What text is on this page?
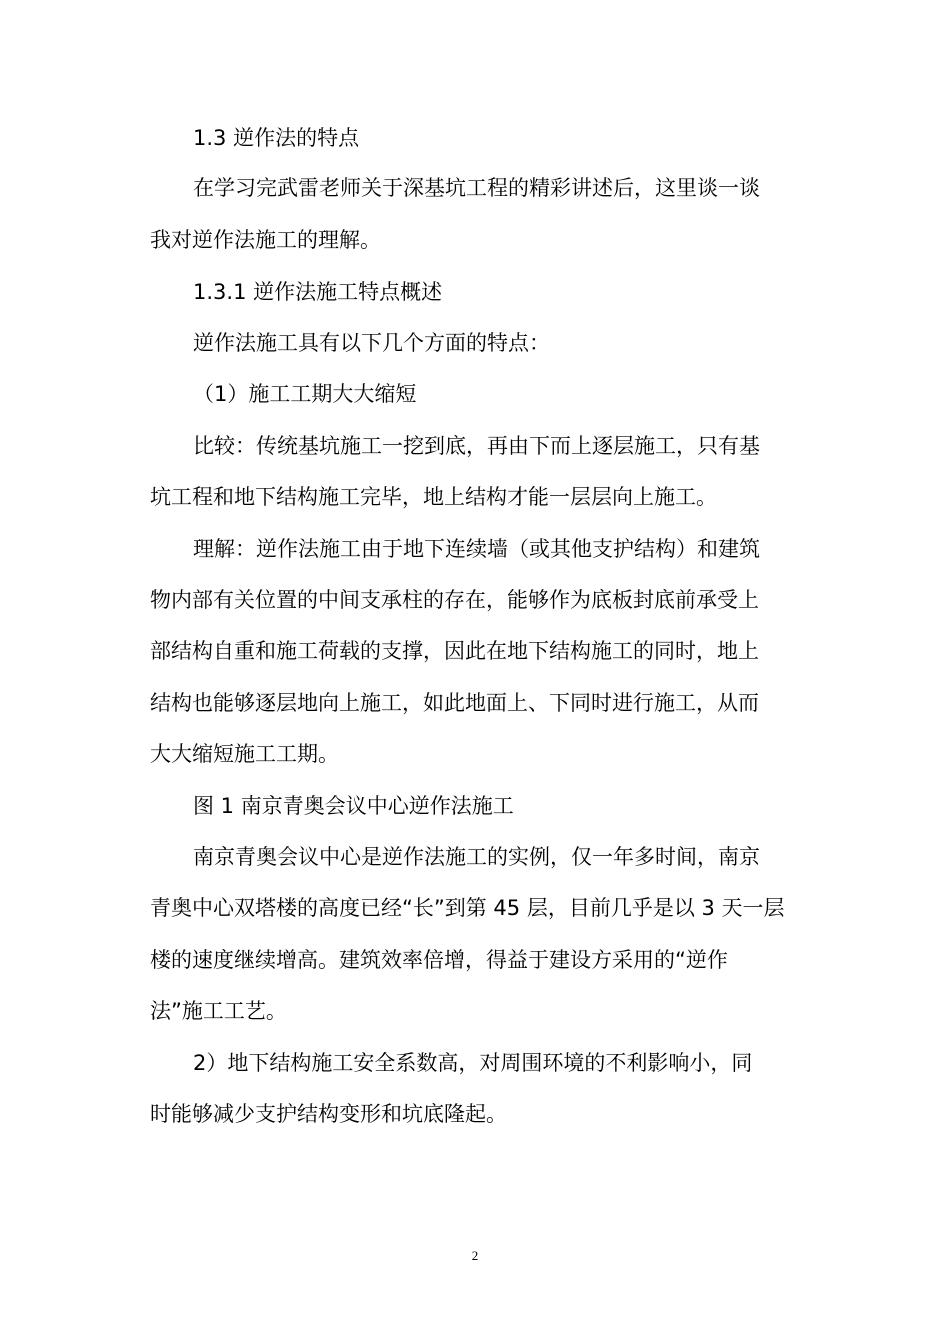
1.3 逆作法的特点
在学习完武雷老师关于深基坑工程的精彩讲述后，这里谈一谈
我对逆作法施工的理解。
1.3.1 逆作法施工特点概述
逆作法施工具有以下几个方面的特点：
（1）施工工期大大缩短
比较：传统基坑施工一挖到底，再由下而上逐层施工，只有基
坑工程和地下结构施工完毕，地上结构才能一层层向上施工。
理解：逆作法施工由于地下连续墙（或其他支护结构）和建筑
物内部有关位置的中间支承柱的存在，能够作为底板封底前承受上
部结构自重和施工荷载的支撑，因此在地下结构施工的同时，地上
结构也能够逐层地向上施工，如此地面上、下同时进行施工，从而
大大缩短施工工期。
图 1 南京青奥会议中心逆作法施工
南京青奥会议中心是逆作法施工的实例，仅一年多时间，南京
青奥中心双塔楼的高度已经“长”到第 45 层，目前几乎是以 3 天一层
楼的速度继续增高。建筑效率倍增，得益于建设方采用的“逆作
法”施工工艺。
2）地下结构施工安全系数高，对周围环境的不利影响小，同
时能够减少支护结构变形和坑底隆起。
2
